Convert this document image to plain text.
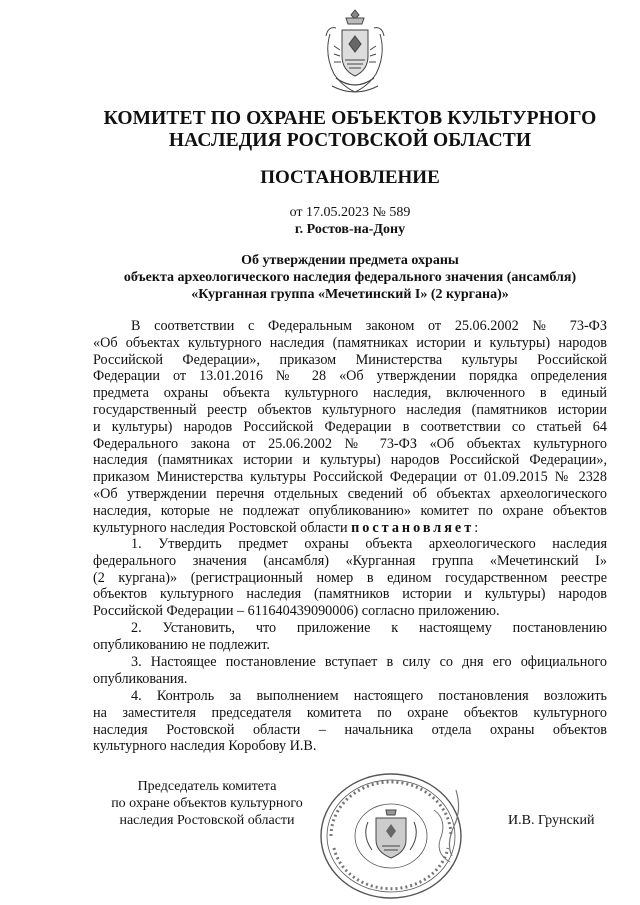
КОМИТЕТ ПО ОХРАНЕ ОБЪЕКТОВ КУЛЬТУРНОГО
НАСЛЕДИЯ РОСТОВСКОЙ ОБЛАСТИ
ПОСТАНОВЛЕНИЕ
от 17.05.2023 № 589
г. Ростов-на-Дону
Об утверждении предмета охраны
объекта археологического наследия федерального значения (ансамбля)
«Курганная группа «Мечетинский I» (2 кургана)»
В соответствии с Федеральным законом от 25.06.2002 № 73-ФЗ
«Об объектах культурного наследия (памятниках истории и культуры) народов
Российской Федерации», приказом Министерства культуры Российской
Федерации от 13.01.2016 № 28 «Об утверждении порядка определения
предмета охраны объекта культурного наследия, включенного в единый
государственный реестр объектов культурного наследия (памятников истории
и культуры) народов Российской Федерации в соответствии со статьей 64
Федерального закона от 25.06.2002 № 73-ФЗ «Об объектах культурного
наследия (памятниках истории и культуры) народов Российской Федерации»,
приказом Министерства культуры Российской Федерации от 01.09.2015 № 2328
«Об утверждении перечня отдельных сведений об объектах археологического
наследия, которые не подлежат опубликованию» комитет по охране объектов
культурного наследия Ростовской области постановляет:
1. Утвердить предмет охраны объекта археологического наследия
федерального значения (ансамбля) «Курганная группа «Мечетинский I»
(2 кургана)» (регистрационный номер в едином государственном реестре
объектов культурного наследия (памятников истории и культуры) народов
Российской Федерации – 611640439090006) согласно приложению.
2. Установить, что приложение к настоящему постановлению
опубликованию не подлежит.
3. Настоящее постановление вступает в силу со дня его официального
опубликования.
4. Контроль за выполнением настоящего постановления возложить
на заместителя председателя комитета по охране объектов культурного
наследия Ростовской области – начальника отдела охраны объектов
культурного наследия Коробову И.В.
Председатель комитета
по охране объектов культурного
наследия Ростовской области	И.В. Грунский
